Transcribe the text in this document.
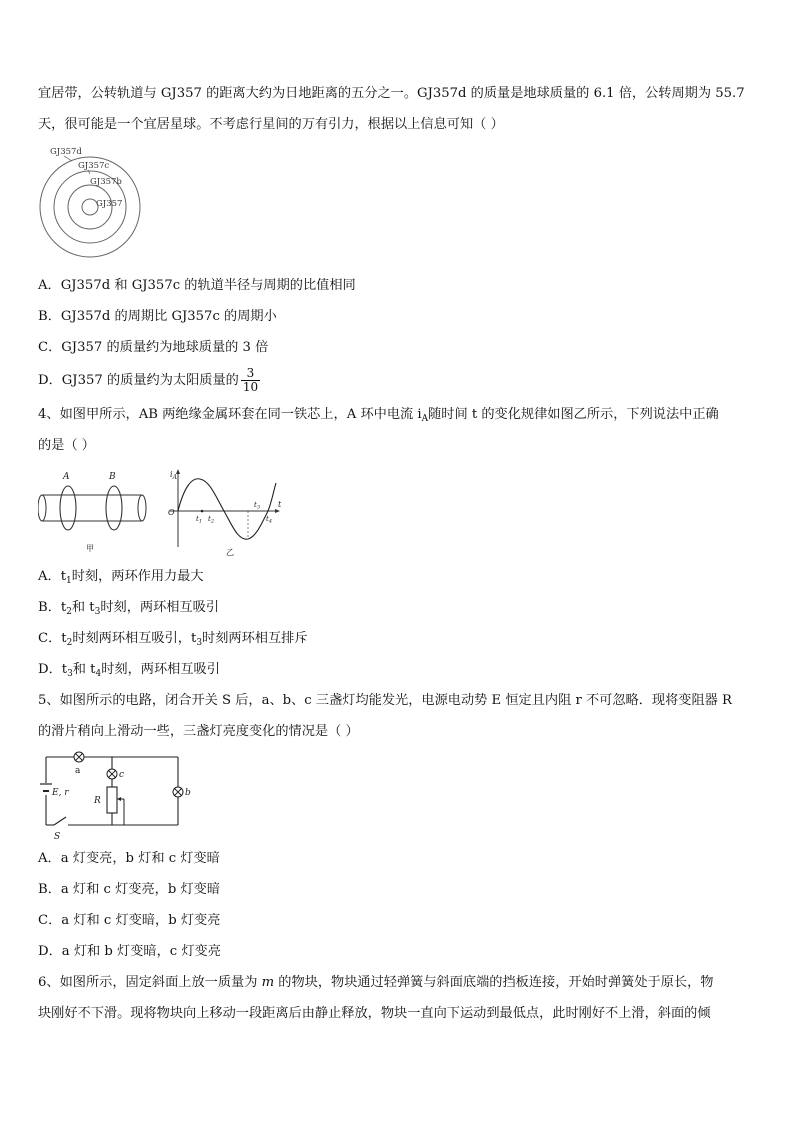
宜居带，公转轨道与 GJ357 的距离大约为日地距离的五分之一。GJ357d 的质量是地球质量的 6.1 倍，公转周期为 55.7
天，很可能是一个宜居星球。不考虑行星间的万有引力，根据以上信息可知（ ）
GJ357d
GJ357c
GJ357b
GJ357
A．GJ357d 和 GJ357c 的轨道半径与周期的比值相同
B．GJ357d 的周期比 GJ357c 的周期小
C．GJ357 的质量约为地球质量的 3 倍
D．GJ357 的质量约为太阳质量的 $\frac{3}{10}$
4、如图甲所示，AB 两绝缘金属环套在同一铁芯上，A 环中电流 $i_A$随时间 t 的变化规律如图乙所示，下列说法中正确
的是（ ）
A	B
甲
$i_A$
t
O
$t_1$ $t_2$
$t_3$
$t_4$
乙
A．$t_1$时刻，两环作用力最大
B．$t_2$和 $t_3$时刻，两环相互吸引
C．$t_2$时刻两环相互吸引，$t_3$时刻两环相互排斥
D．$t_3$和 $t_4$时刻，两环相互吸引
5、如图所示的电路，闭合开关 S 后，a、b、c 三盏灯均能发光，电源电动势 E 恒定且内阻 r 不可忽略．现将变阻器 R
的滑片稍向上滑动一些，三盏灯亮度变化的情况是（ ）
S
E, r
a	c
R
b
A．a 灯变亮，b 灯和 c 灯变暗
B．a 灯和 c 灯变亮，b 灯变暗
C．a 灯和 c 灯变暗，b 灯变亮
D．a 灯和 b 灯变暗，c 灯变亮
6、如图所示，固定斜面上放一质量为 m 的物块，物块通过轻弹簧与斜面底端的挡板连接，开始时弹簧处于原长，物
块刚好不下滑。现将物块向上移动一段距离后由静止释放，物块一直向下运动到最低点，此时刚好不上滑，斜面的倾
